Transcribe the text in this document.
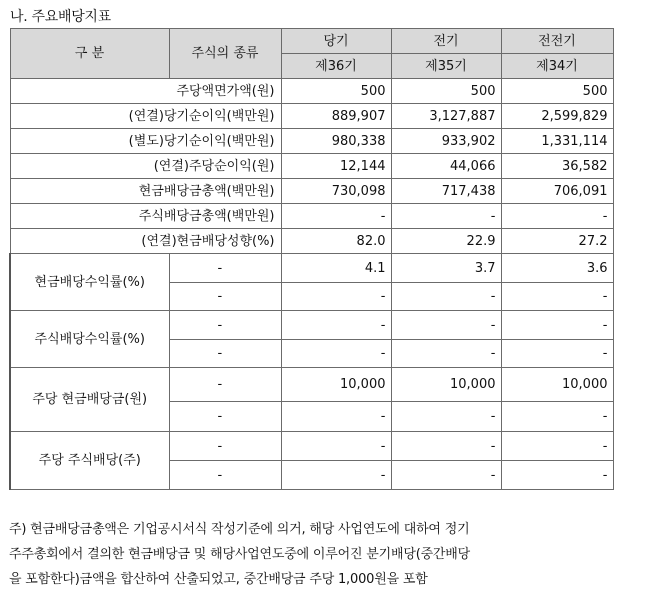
나. 주요배당지표
구 분	주식의 종류	당기	전기	전전기
		제36기	제35기	제34기
주당액면가액(원)		500	500	500
(연결)당기순이익(백만원)		889,907	3,127,887	2,599,829
(별도)당기순이익(백만원)		980,338	933,902	1,331,114
(연결)주당순이익(원)		12,144	44,066	36,582
현금배당금총액(백만원)		730,098	717,438	706,091
주식배당금총액(백만원)		-	-	-
(연결)현금배당성향(%)		82.0	22.9	27.2
현금배당수익률(%)	-	4.1	3.7	3.6
	-	-	-	-
주식배당수익률(%)	-	-	-	-
	-	-	-	-
주당 현금배당금(원)	-	10,000	10,000	10,000
	-	-	-	-
주당 주식배당(주)	-	-	-	-
	-	-	-	-
주) 현금배당금총액은 기업공시서식 작성기준에 의거, 해당 사업연도에 대하여 정기
주주총회에서 결의한 현금배당금 및 해당사업연도중에 이루어진 분기배당(중간배당
을 포함한다)금액을 합산하여 산출되었고, 중간배당금 주당 1,000원을 포함
